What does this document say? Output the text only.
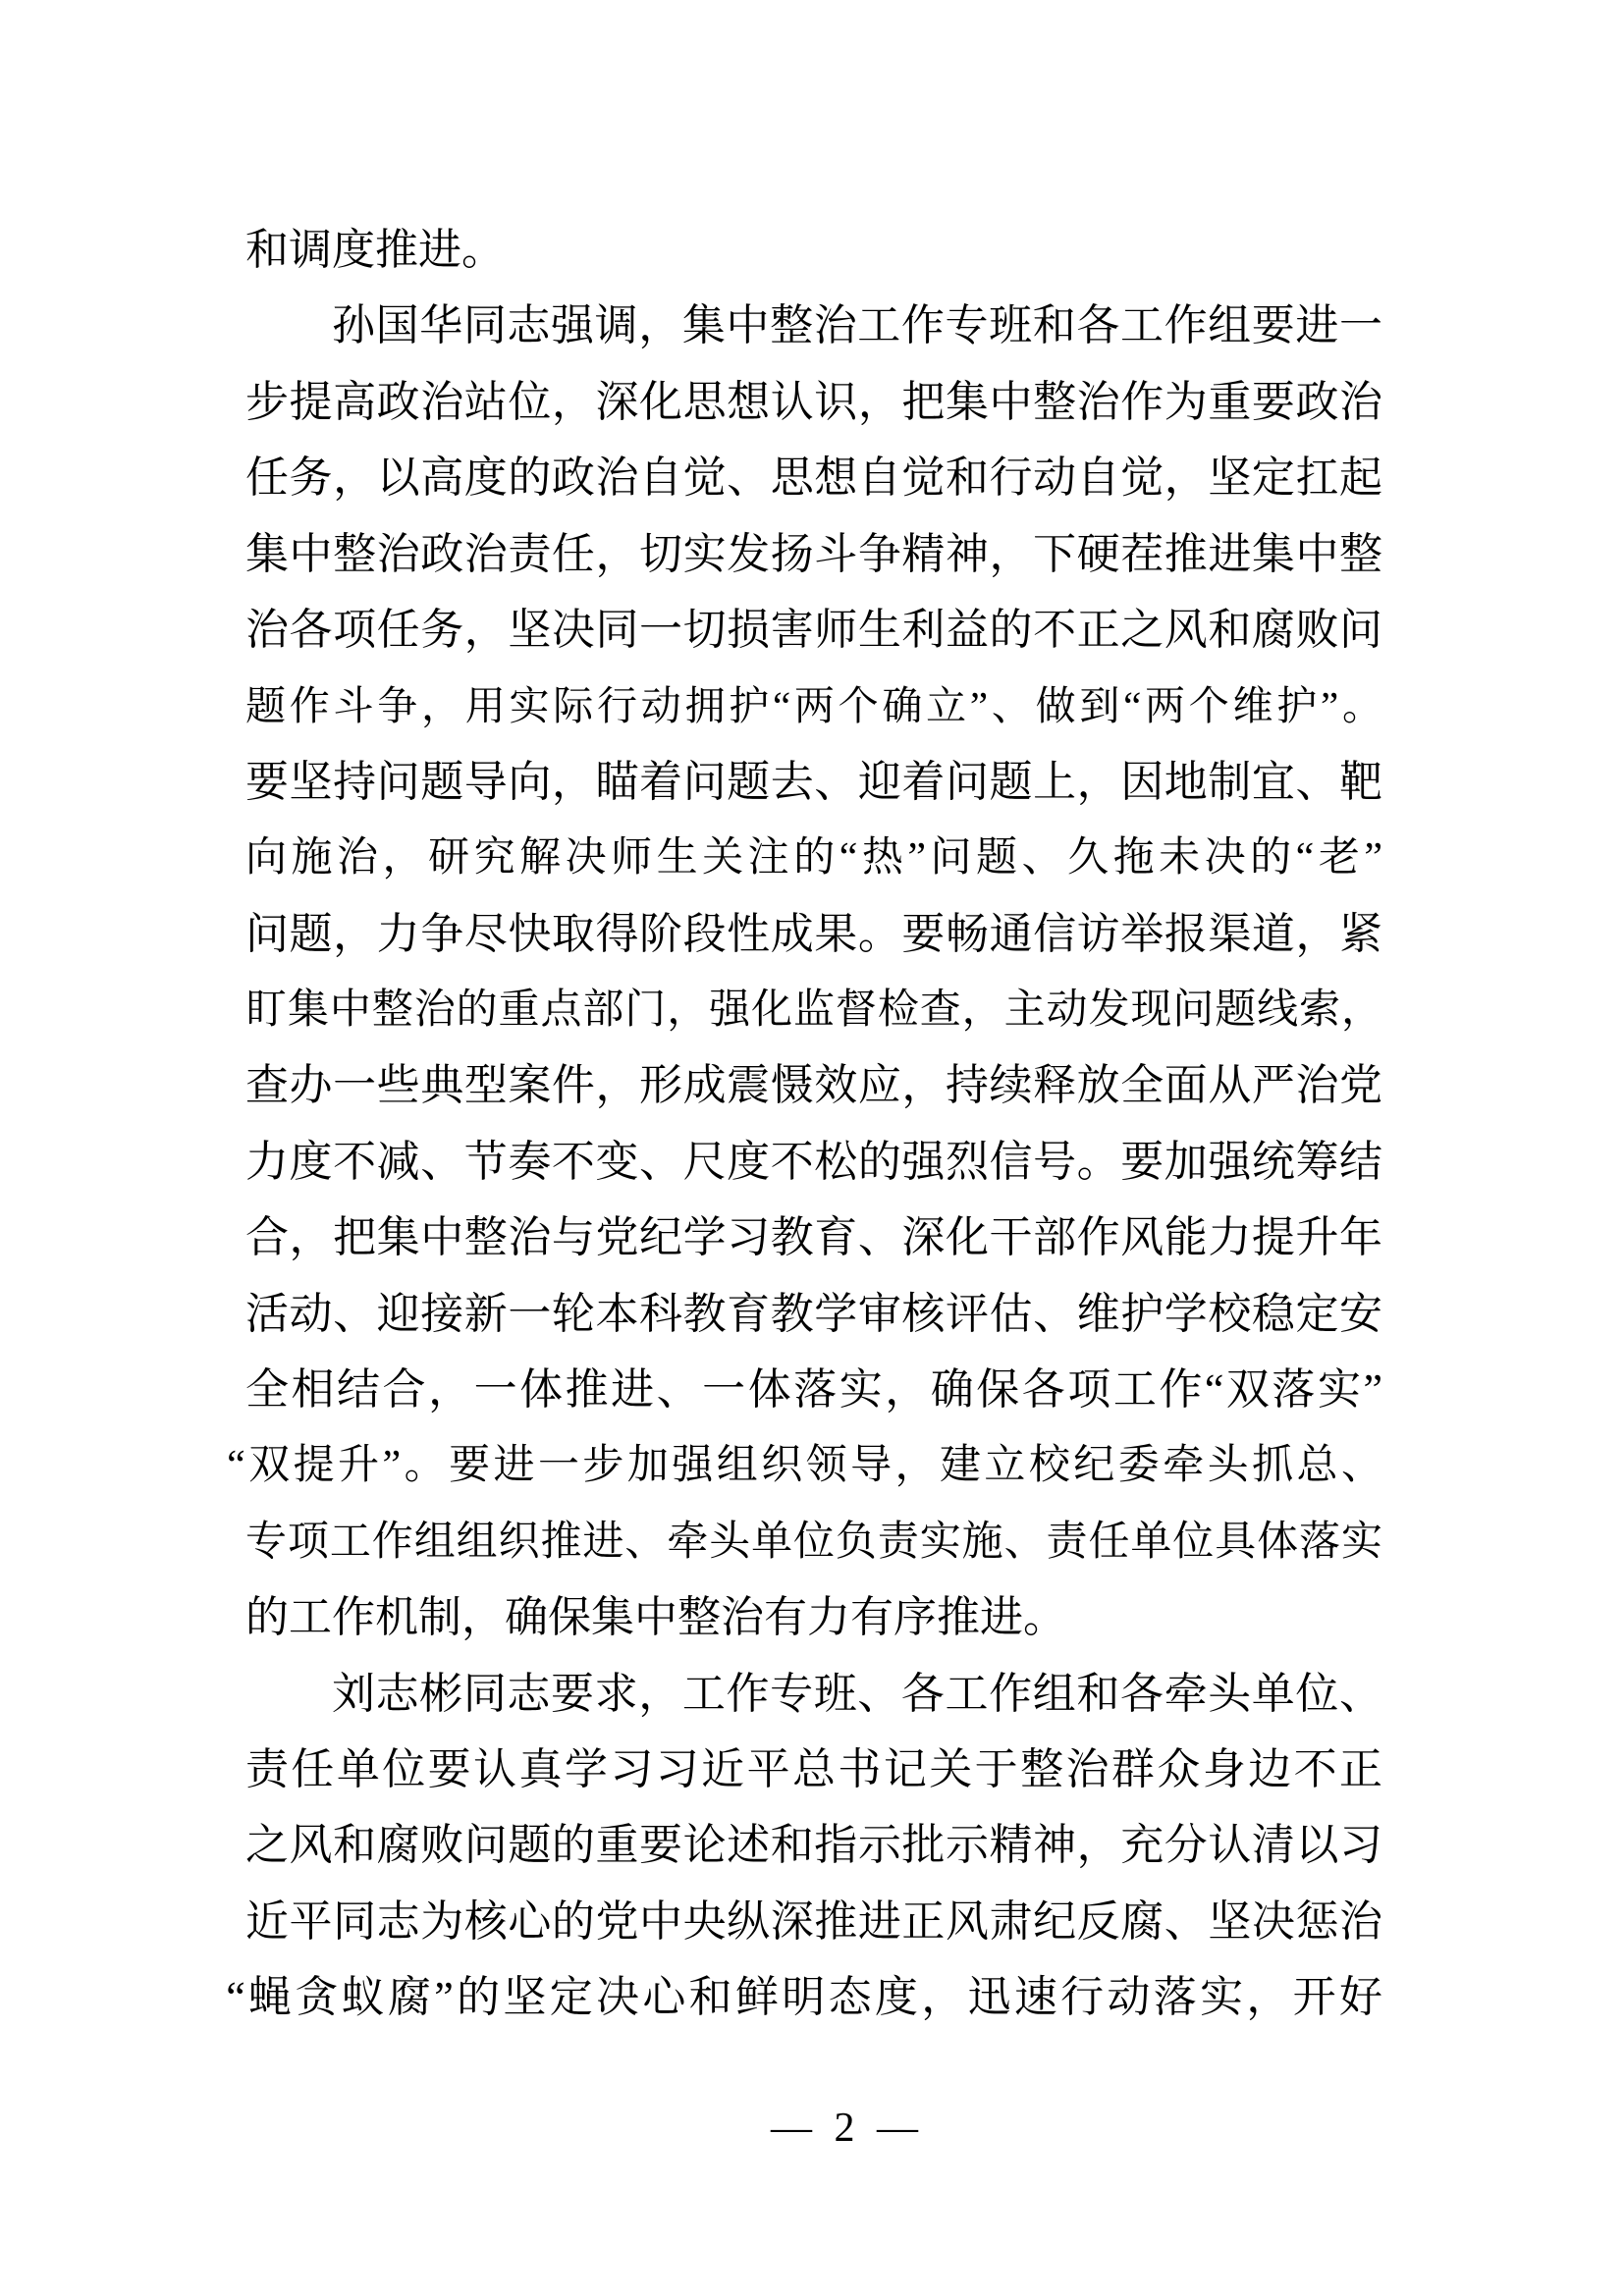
和调度推进。
孙国华同志强调，集中整治工作专班和各工作组要进一
步提高政治站位，深化思想认识，把集中整治作为重要政治
任务，以高度的政治自觉、思想自觉和行动自觉，坚定扛起
集中整治政治责任，切实发扬斗争精神，下硬茬推进集中整
治各项任务，坚决同一切损害师生利益的不正之风和腐败问
题作斗争，用实际行动拥护“两个确立”、做到“两个维护”。
要坚持问题导向，瞄着问题去、迎着问题上，因地制宜、靶
向施治，研究解决师生关注的“热”问题、久拖未决的“老”
问题，力争尽快取得阶段性成果。要畅通信访举报渠道，紧
盯集中整治的重点部门，强化监督检查，主动发现问题线索，
查办一些典型案件，形成震慑效应，持续释放全面从严治党
力度不减、节奏不变、尺度不松的强烈信号。要加强统筹结
合，把集中整治与党纪学习教育、深化干部作风能力提升年
活动、迎接新一轮本科教育教学审核评估、维护学校稳定安
全相结合，一体推进、一体落实，确保各项工作“双落实”
“双提升”。要进一步加强组织领导，建立校纪委牵头抓总、
专项工作组组织推进、牵头单位负责实施、责任单位具体落实
的工作机制，确保集中整治有力有序推进。
刘志彬同志要求，工作专班、各工作组和各牵头单位、
责任单位要认真学习习近平总书记关于整治群众身边不正
之风和腐败问题的重要论述和指示批示精神，充分认清以习
近平同志为核心的党中央纵深推进正风肃纪反腐、坚决惩治
“蝇贪蚁腐”的坚定决心和鲜明态度，迅速行动落实，开好
— 2 —
